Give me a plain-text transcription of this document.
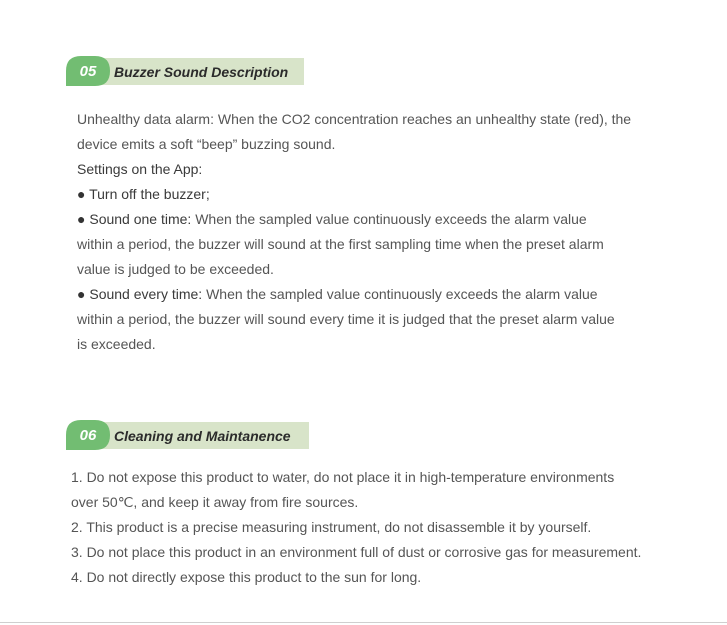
Buzzer Sound Description
05
Unhealthy data alarm: When the CO2 concentration reaches an unhealthy state (red), the
device emits a soft “beep” buzzing sound.
Settings on the App:
● Turn off the buzzer;
● Sound one time: When the sampled value continuously exceeds the alarm value
within a period, the buzzer will sound at the first sampling time when the preset alarm
value is judged to be exceeded.
● Sound every time: When the sampled value continuously exceeds the alarm value
within a period, the buzzer will sound every time it is judged that the preset alarm value
is exceeded.
Cleaning and Maintanence
06
1. Do not expose this product to water, do not place it in high-temperature environments
over 50℃, and keep it away from fire sources.
2. This product is a precise measuring instrument, do not disassemble it by yourself.
3. Do not place this product in an environment full of dust or corrosive gas for measurement.
4. Do not directly expose this product to the sun for long.
